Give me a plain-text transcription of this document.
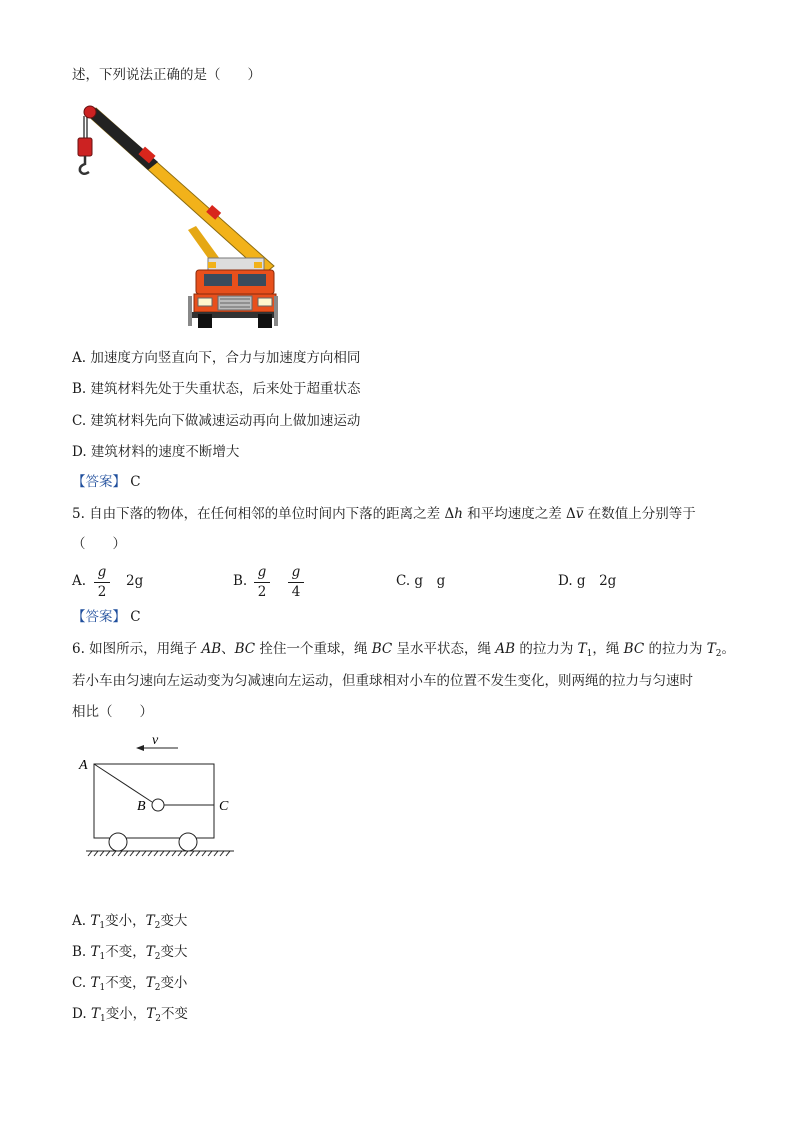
述，下列说法正确的是（　　）
A. 加速度方向竖直向下，合力与加速度方向相同
B. 建筑材料先处于失重状态，后来处于超重状态
C. 建筑材料先向下做减速运动再向上做加速运动
D. 建筑材料的速度不断增大
【答案】 C
5. 自由下落的物体，在任何相邻的单位时间内下落的距离之差 Δh 和平均速度之差 Δv̅ 在数值上分别等于
（　　）
A.
g
2
2g	B.
g
2
g
4
C. g　g	D. g　2g
【答案】 C
6. 如图所示，用绳子 AB、BC 拴住一个重球，绳 BC 呈水平状态，绳 AB 的拉力为 $T_1$，绳 BC 的拉力为 $T_2$。
若小车由匀速向左运动变为匀减速向左运动，但重球相对小车的位置不发生变化，则两绳的拉力与匀速时
相比（　　）
v
A
B	C
A. $T_1$变小，$T_2$变大
B. $T_1$不变，$T_2$变大
C. $T_1$不变，$T_2$变小
D. $T_1$变小，$T_2$不变
